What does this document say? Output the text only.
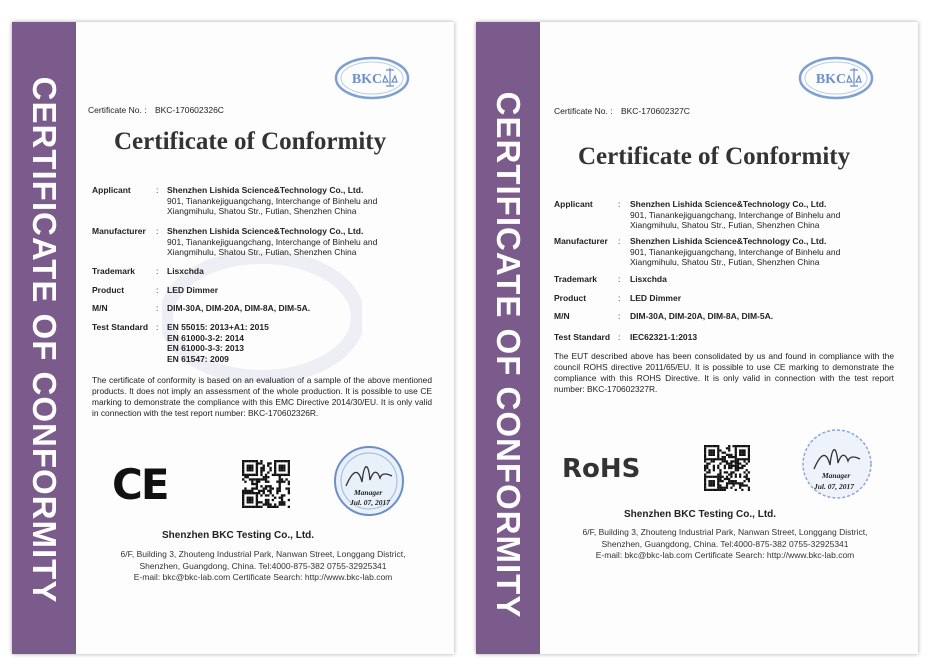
CERTIFICATE OF CONFORMITY	BKC
Certificate No. : BKC-170602326C
Certificate of Conformity
Applicant	: Shenzhen Lishida Science&Technology Co., Ltd.
901, Tianankejiguangchang, Interchange of Binhelu and
Xiangmihulu, Shatou Str., Futian, Shenzhen China
Manufacturer : Shenzhen Lishida Science&Technology Co., Ltd.
901, Tianankejiguangchang, Interchange of Binhelu and
Xiangmihulu, Shatou Str., Futian, Shenzhen China
Trademark : Lisxchda
Product	: LED Dimmer
M/N	: DIM-30A, DIM-20A, DIM-8A, DIM-5A.
Test Standard : EN 55015: 2013+A1: 2015
EN 61000-3-2: 2014
EN 61000-3-3: 2013
EN 61547: 2009
The certificate of conformity is based on an evaluation of a sample of the above mentioned products. It does not imply an assessment of the whole production. It is possible to use CE marking to demonstrate the compliance with this EMC Directive 2014/30/EU. It is only valid in connection with the test report number: BKC-170602326R.
CE	Manager
Jul. 07, 2017
Shenzhen BKC Testing Co., Ltd.
6/F, Building 3, Zhouteng Industrial Park, Nanwan Street, Longgang District,
Shenzhen, Guangdong, China. Tel:4000-875-382 0755-32925341
E-mail: bkc@bkc-lab.com Certificate Search: http://www.bkc-lab.com	CERTIFICATE OF CONFORMITY
BKC
Certificate No. : BKC-170602327C
Certificate of Conformity
Applicant	: Shenzhen Lishida Science&Technology Co., Ltd.
901, Tianankejiguangchang, Interchange of Binhelu and
Xiangmihulu, Shatou Str., Futian, Shenzhen China
Manufacturer : Shenzhen Lishida Science&Technology Co., Ltd.
901, Tianankejiguangchang, Interchange of Binhelu and
Xiangmihulu, Shatou Str., Futian, Shenzhen China
Trademark : Lisxchda
Product	: LED Dimmer
M/N	: DIM-30A, DIM-20A, DIM-8A, DIM-5A.
Test Standard : IEC62321-1:2013
The EUT described above has been consolidated by us and found in compliance with the council ROHS directive 2011/65/EU. It is possible to use CE marking to demonstrate the compliance with this ROHS Directive. It is only valid in connection with the test report number: BKC-170602327R.
RoHS	Manager
Jul. 07, 2017
Shenzhen BKC Testing Co., Ltd.
6/F, Building 3, Zhouteng Industrial Park, Nanwan Street, Longgang District,
Shenzhen, Guangdong, China. Tel:4000-875-382 0755-32925341
E-mail: bkc@bkc-lab.com Certificate Search: http://www.bkc-lab.com
